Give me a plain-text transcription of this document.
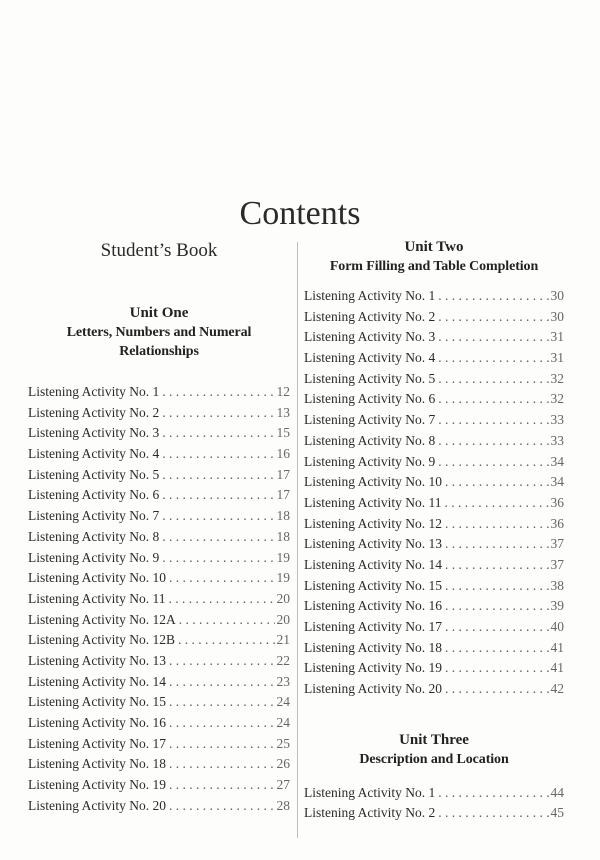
Contents
Student’s Book
Unit One
Letters, Numbers and Numeral Relationships
Listening Activity No. 1 . . .	12
Listening Activity No. 2 . . .	13
Listening Activity No. 3 . . .	15
Listening Activity No. 4 . . .	16
Listening Activity No. 5 . . .	17
Listening Activity No. 6 . . .	17
Listening Activity No. 7 . . .	18
Listening Activity No. 8 . . .	18
Listening Activity No. 9 . . .	19
Listening Activity No. 10 . . .	19
Listening Activity No. 11 . . .	20
Listening Activity No. 12A . . .	20
Listening Activity No. 12B . . .	21
Listening Activity No. 13 . . .	22
Listening Activity No. 14 . . .	23
Listening Activity No. 15 . . .	24
Listening Activity No. 16 . . .	24
Listening Activity No. 17 . . .	25
Listening Activity No. 18 . . .	26
Listening Activity No. 19 . . .	27
Listening Activity No. 20 . . .	28
Unit Two
Form Filling and Table Completion
Listening Activity No. 1 . . .	30
Listening Activity No. 2 . . .	30
Listening Activity No. 3 . . .	31
Listening Activity No. 4 . . .	31
Listening Activity No. 5 . . .	32
Listening Activity No. 6 . . .	32
Listening Activity No. 7 . . .	33
Listening Activity No. 8 . . .	33
Listening Activity No. 9 . . .	34
Listening Activity No. 10 . . .	34
Listening Activity No. 11 . . .	36
Listening Activity No. 12 . . .	36
Listening Activity No. 13 . . .	37
Listening Activity No. 14 . . .	37
Listening Activity No. 15 . . .	38
Listening Activity No. 16 . . .	39
Listening Activity No. 17 . . .	40
Listening Activity No. 18 . . .	41
Listening Activity No. 19 . . .	41
Listening Activity No. 20 . . .	42
Unit Three
Description and Location
Listening Activity No. 1 . . .	44
Listening Activity No. 2 . . .	45
